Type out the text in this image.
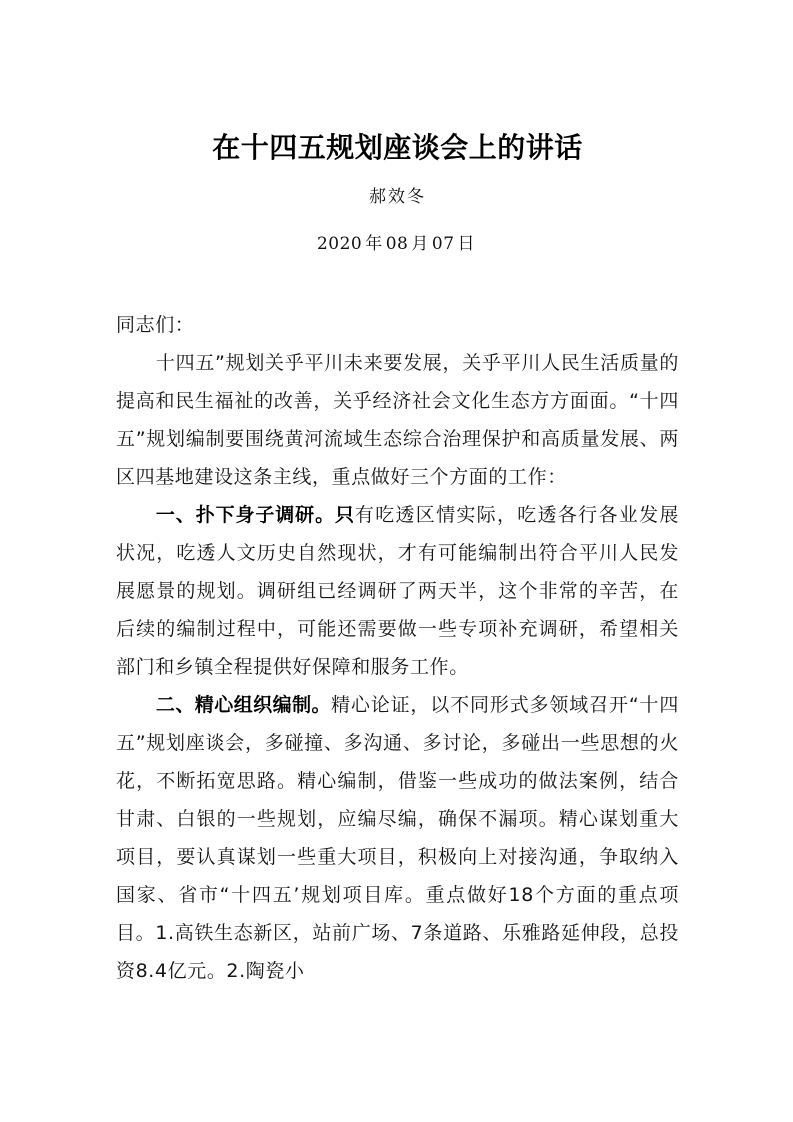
在十四五规划座谈会上的讲话
郝效冬
2020 年 08 月 07 日

同志们：

十四五”规划关乎平川未来要发展，关乎平川人民生活质量的提高和民生福祉的改善，关乎经济社会文化生态方方面面。“十四五”规划编制要围绕黄河流域生态综合治理保护和高质量发展、两区四基地建设这条主线，重点做好三个方面的工作：

一、扑下身子调研。只有吃透区情实际，吃透各行各业发展状况，吃透人文历史自然现状，才有可能编制出符合平川人民发展愿景的规划。调研组已经调研了两天半，这个非常的辛苦，在后续的编制过程中，可能还需要做一些专项补充调研，希望相关部门和乡镇全程提供好保障和服务工作。

二、精心组织编制。精心论证，以不同形式多领域召开“十四五”规划座谈会，多碰撞、多沟通、多讨论，多碰出一些思想的火花，不断拓宽思路。精心编制，借鉴一些成功的做法案例，结合甘肃、白银的一些规划，应编尽编，确保不漏项。精心谋划重大项目，要认真谋划一些重大项目，积极向上对接沟通，争取纳入国家、省市“十四五’规划项目库。重点做好18个方面的重点项目。1.高铁生态新区，站前广场、7条道路、乐雅路延伸段，总投资8.4亿元。2.陶瓷小
